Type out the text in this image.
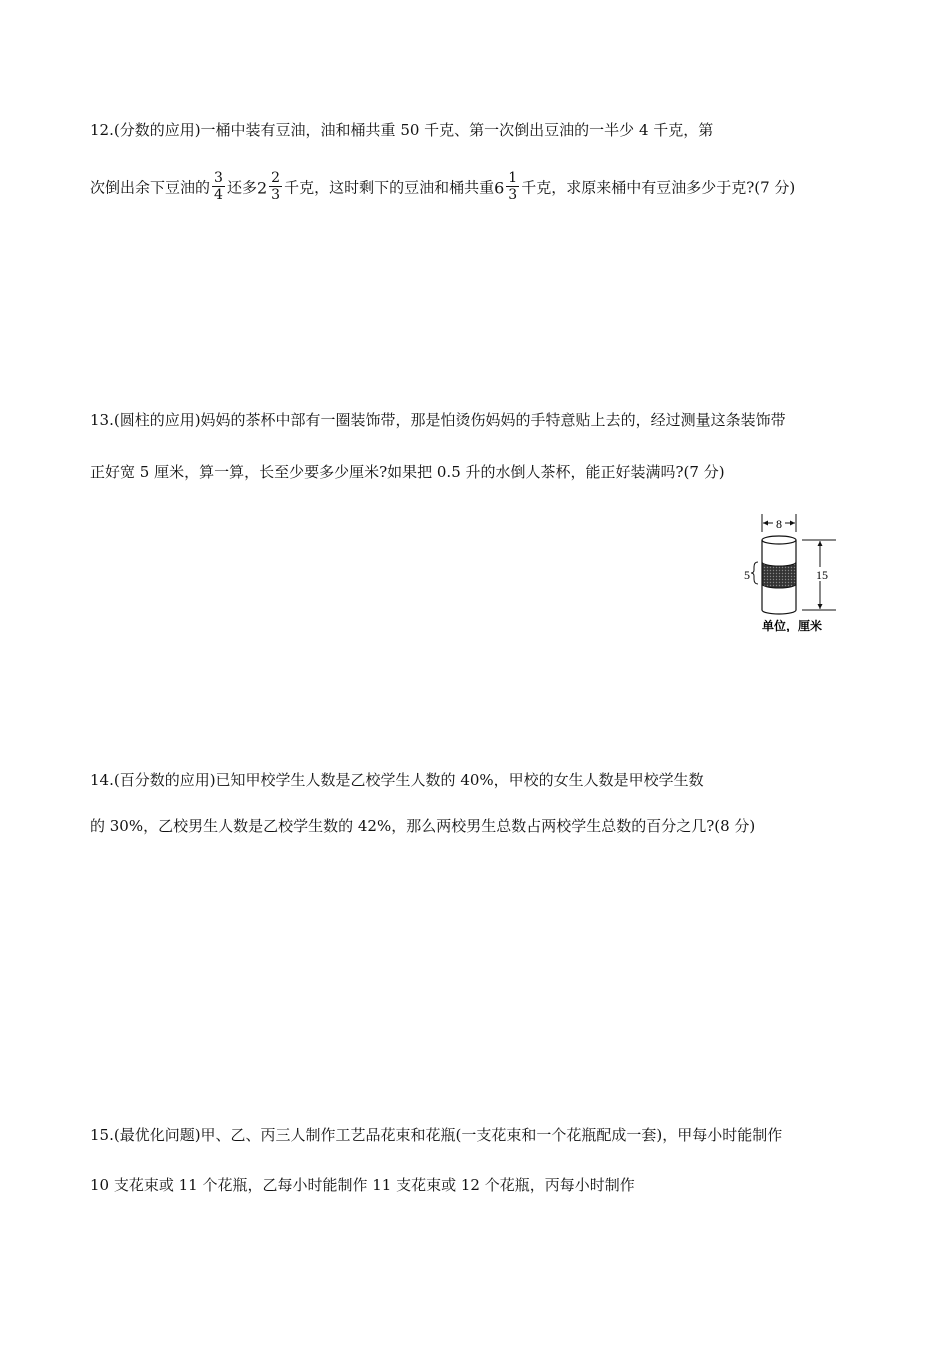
12.(分数的应用)一桶中装有豆油，油和桶共重 50 千克、第一次倒出豆油的一半少 4 千克，第
次倒出余下豆油的 $\frac{3}{4}$ 还多$2 \frac{2}{3}$ 千克，这时剩下的豆油和桶共重$6 \frac{1}{3}$ 千克，求原来桶中有豆油多少于克?(7 分)
13.(圆柱的应用)妈妈的茶杯中部有一圈装饰带，那是怕烫伤妈妈的手特意贴上去的，经过测量这条装饰带
正好宽 5 厘米，算一算，长至少要多少厘米?如果把 0.5 升的水倒人茶杯，能正好装满吗?(7 分)
8
5	15
单位，厘米
14.(百分数的应用)已知甲校学生人数是乙校学生人数的 40%，甲校的女生人数是甲校学生数
的 30%，乙校男生人数是乙校学生数的 42%，那么两校男生总数占两校学生总数的百分之几?(8 分)
15.(最优化问题)甲、乙、丙三人制作工艺品花束和花瓶(一支花束和一个花瓶配成一套)，甲每小时能制作
10 支花束或 11 个花瓶，乙每小时能制作 11 支花束或 12 个花瓶，丙每小时制作
